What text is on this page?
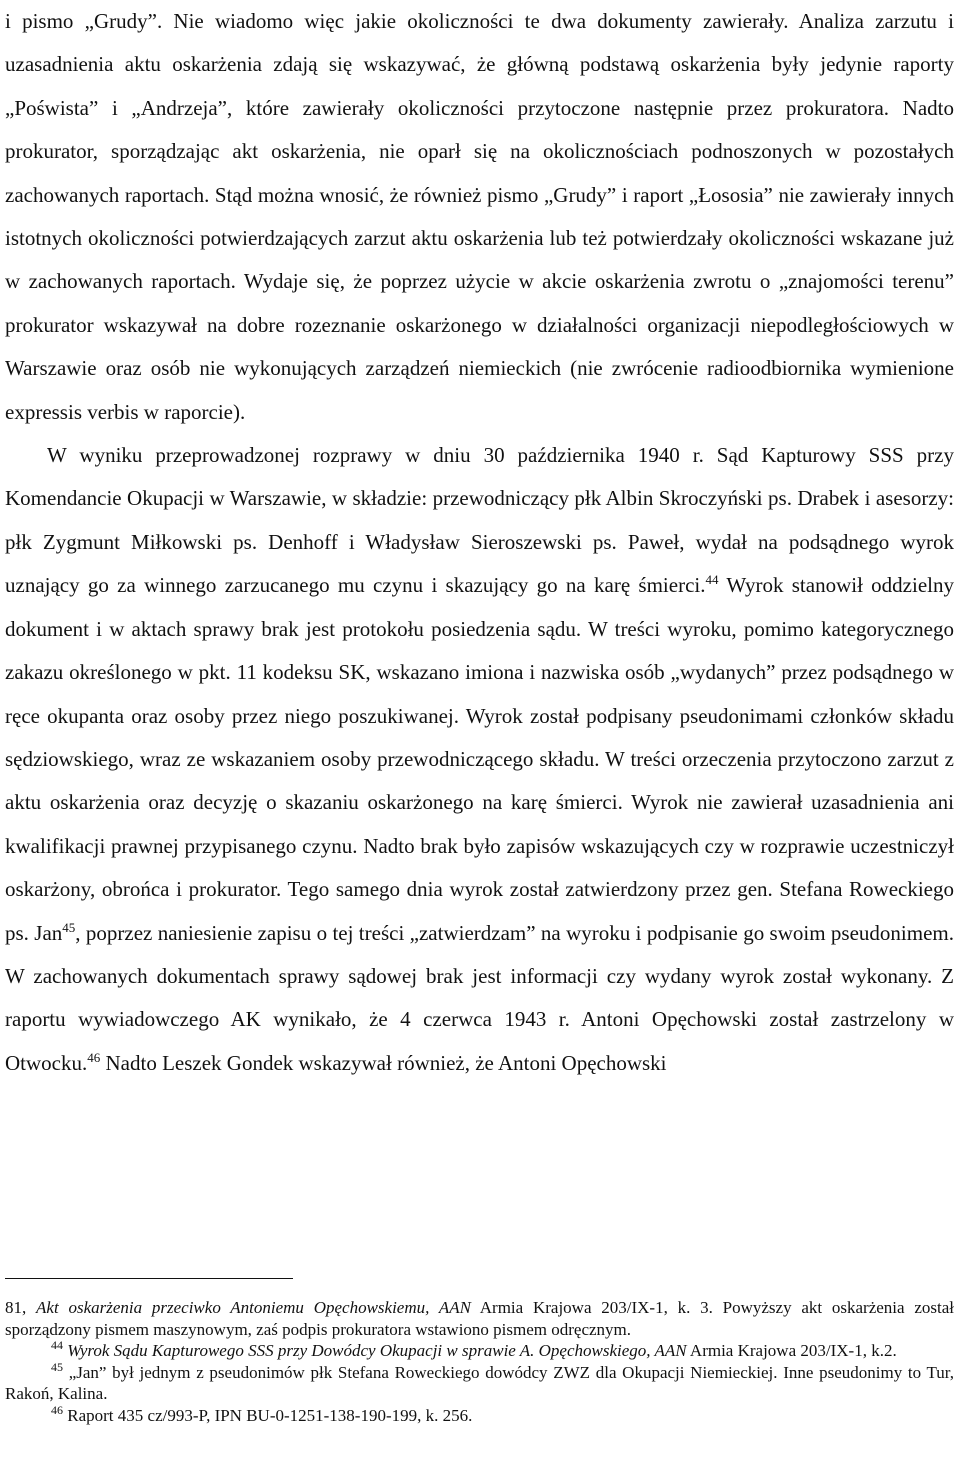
i pismo „Grudy”. Nie wiadomo więc jakie okoliczności te dwa dokumenty zawierały. Analiza zarzutu i uzasadnienia aktu oskarżenia zdają się wskazywać, że główną podstawą oskarżenia były jedynie raporty „Pośwista” i „Andrzeja”, które zawierały okoliczności przytoczone następnie przez prokuratora. Nadto prokurator, sporządzając akt oskarżenia, nie oparł się na okolicznościach podnoszonych w pozostałych zachowanych raportach. Stąd można wnosić, że również pismo „Grudy” i raport „Łososia” nie zawierały innych istotnych okoliczności potwierdzających zarzut aktu oskarżenia lub też potwierdzały okoliczności wskazane już w zachowanych raportach. Wydaje się, że poprzez użycie w akcie oskarżenia zwrotu o „znajomości terenu” prokurator wskazywał na dobre rozeznanie oskarżonego w działalności organizacji niepodległościowych w Warszawie oraz osób nie wykonujących zarządzeń niemieckich (nie zwrócenie radioodbiornika wymienione expressis verbis w raporcie).

W wyniku przeprowadzonej rozprawy w dniu 30 października 1940 r. Sąd Kapturowy SSS przy Komendancie Okupacji w Warszawie, w składzie: przewodniczący płk Albin Skroczyński ps. Drabek i asesorzy: płk Zygmunt Miłkowski ps. Denhoff i Władysław Sieroszewski ps. Paweł, wydał na podsądnego wyrok uznający go za winnego zarzucanego mu czynu i skazujący go na karę śmierci.$^{44}$ Wyrok stanowił oddzielny dokument i w aktach sprawy brak jest protokołu posiedzenia sądu. W treści wyroku, pomimo kategorycznego zakazu określonego w pkt. 11 kodeksu SK, wskazano imiona i nazwiska osób „wydanych” przez podsądnego w ręce okupanta oraz osoby przez niego poszukiwanej. Wyrok został podpisany pseudonimami członków składu sędziowskiego, wraz ze wskazaniem osoby przewodniczącego składu. W treści orzeczenia przytoczono zarzut z aktu oskarżenia oraz decyzję o skazaniu oskarżonego na karę śmierci. Wyrok nie zawierał uzasadnienia ani kwalifikacji prawnej przypisanego czynu. Nadto brak było zapisów wskazujących czy w rozprawie uczestniczył oskarżony, obrońca i prokurator. Tego samego dnia wyrok został zatwierdzony przez gen. Stefana Roweckiego ps. Jan$^{45}$, poprzez naniesienie zapisu o tej treści „zatwierdzam” na wyroku i podpisanie go swoim pseudonimem. W zachowanych dokumentach sprawy sądowej brak jest informacji czy wydany wyrok został wykonany. Z raportu wywiadowczego AK wynikało, że 4 czerwca 1943 r. Antoni Opęchowski został zastrzelony w Otwocku.$^{46}$ Nadto Leszek Gondek wskazywał również, że Antoni Opęchowski

81, Akt oskarżenia przeciwko Antoniemu Opęchowskiemu, AAN Armia Krajowa 203/IX-1, k. 3. Powyższy akt oskarżenia został sporządzony pismem maszynowym, zaś podpis prokuratora wstawiono pismem odręcznym.

$^{44}$ Wyrok Sądu Kapturowego SSS przy Dowódcy Okupacji w sprawie A. Opęchowskiego, AAN Armia Krajowa 203/IX-1, k.2.

$^{45}$ „Jan” był jednym z pseudonimów płk Stefana Roweckiego dowódcy ZWZ dla Okupacji Niemieckiej. Inne pseudonimy to Tur, Rakoń, Kalina.

$^{46}$ Raport 435 cz/993-P, IPN BU-0-1251-138-190-199, k. 256.
